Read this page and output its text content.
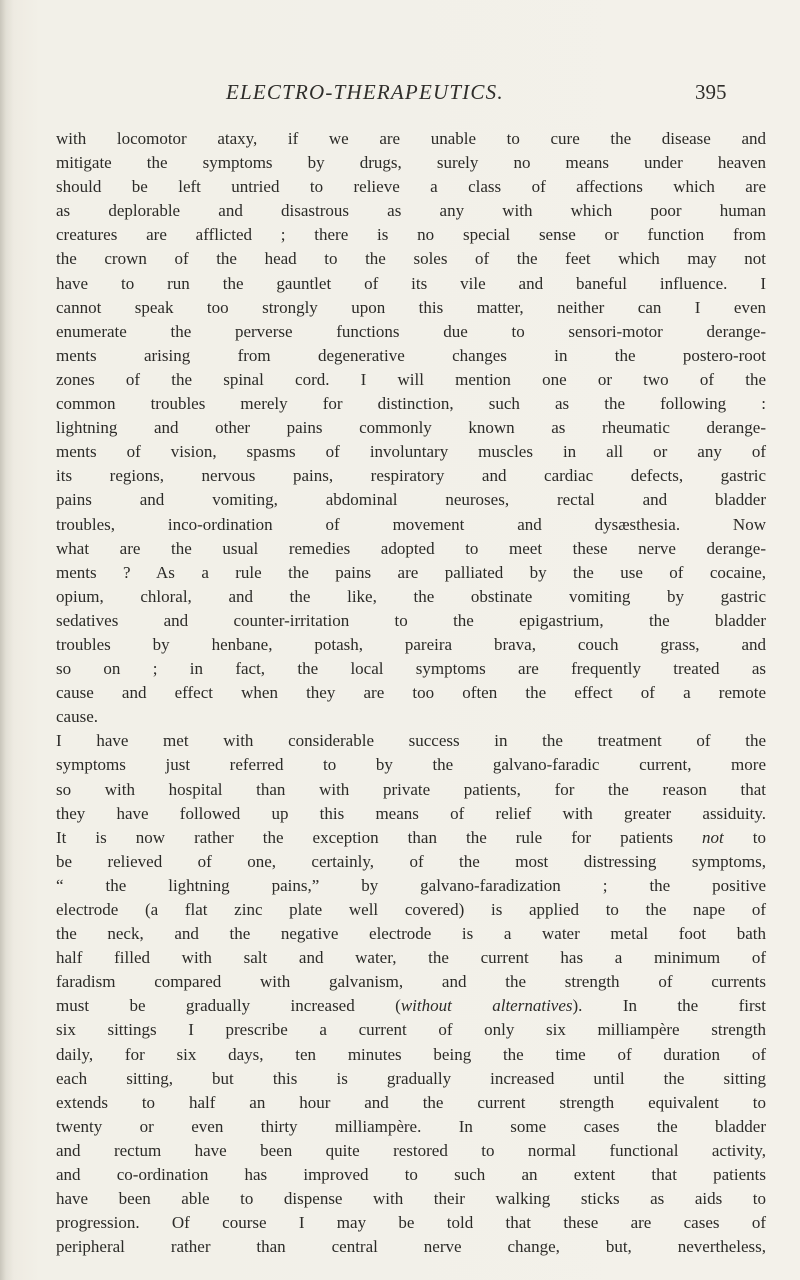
ELECTRO-THERAPEUTICS.	395
with locomotor ataxy, if we are unable to cure the disease and
mitigate the symptoms by drugs, surely no means under heaven
should be left untried to relieve a class of affections which are
as deplorable and disastrous as any with which poor human
creatures are afflicted ; there is no special sense or function from
the crown of the head to the soles of the feet which may not
have to run the gauntlet of its vile and baneful influence. I
cannot speak too strongly upon this matter, neither can I even
enumerate the perverse functions due to sensori-motor derange-
ments arising from degenerative changes in the postero-root
zones of the spinal cord. I will mention one or two of the
common troubles merely for distinction, such as the following :
lightning and other pains commonly known as rheumatic derange-
ments of vision, spasms of involuntary muscles in all or any of
its regions, nervous pains, respiratory and cardiac defects, gastric
pains and vomiting, abdominal neuroses, rectal and bladder
troubles, inco-ordination of movement and dysæsthesia. Now
what are the usual remedies adopted to meet these nerve derange-
ments ? As a rule the pains are palliated by the use of cocaine,
opium, chloral, and the like, the obstinate vomiting by gastric
sedatives and counter-irritation to the epigastrium, the bladder
troubles by henbane, potash, pareira brava, couch grass, and
so on ; in fact, the local symptoms are frequently treated as
cause and effect when they are too often the effect of a remote
cause.
I have met with considerable success in the treatment of the
symptoms just referred to by the galvano-faradic current, more
so with hospital than with private patients, for the reason that
they have followed up this means of relief with greater assiduity.
It is now rather the exception than the rule for patients not to
be relieved of one, certainly, of the most distressing symptoms,
“ the lightning pains,” by galvano-faradization ; the positive
electrode (a flat zinc plate well covered) is applied to the nape of
the neck, and the negative electrode is a water metal foot bath
half filled with salt and water, the current has a minimum of
faradism compared with galvanism, and the strength of currents
must be gradually increased (without alternatives). In the first
six sittings I prescribe a current of only six milliampère strength
daily, for six days, ten minutes being the time of duration of
each sitting, but this is gradually increased until the sitting
extends to half an hour and the current strength equivalent to
twenty or even thirty milliampère. In some cases the bladder
and rectum have been quite restored to normal functional activity,
and co-ordination has improved to such an extent that patients
have been able to dispense with their walking sticks as aids to
progression. Of course I may be told that these are cases of
peripheral rather than central nerve change, but, nevertheless,
